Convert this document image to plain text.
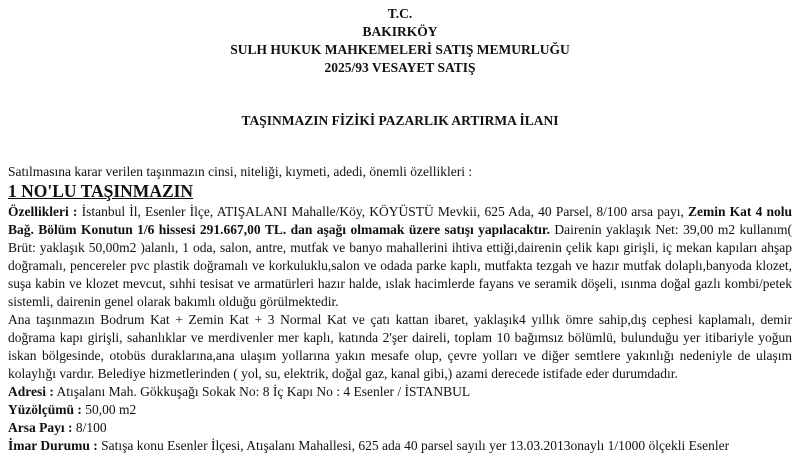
T.C.

BAKIRKÖY

SULH HUKUK MAHKEMELERİ SATIŞ MEMURLUĞU

2025/93 VESAYET SATIŞ

TAŞINMAZIN FİZİKİ PAZARLIK ARTIRMA İLANI

Satılmasına karar verilen taşınmazın cinsi, niteliği, kıymeti, adedi, önemli özellikleri :

1 NO'LU TAŞINMAZIN

Özellikleri : İstanbul İl, Esenler İlçe, ATIŞALANI Mahalle/Köy, KÖYÜSTÜ Mevkii, 625 Ada, 40 Parsel, 8/100 arsa payı, Zemin Kat 4 nolu Bağ. Bölüm Konutun 1/6 hissesi 291.667,00 TL. dan aşağı olmamak üzere satışı yapılacaktır. Dairenin yaklaşık Net: 39,00 m2 kullanım( Brüt: yaklaşık 50,00m2 )alanlı, 1 oda, salon, antre, mutfak ve banyo mahallerini ihtiva ettiği,dairenin çelik kapı girişli, iç mekan kapıları ahşap doğramalı, pencereler pvc plastik doğramalı ve korkuluklu,salon ve odada parke kaplı, mutfakta tezgah ve hazır mutfak dolaplı,banyoda klozet, suşa kabin ve klozet mevcut, sıhhi tesisat ve armatürleri hazır halde, ıslak hacimlerde fayans ve seramik döşeli, ısınma doğal gazlı kombi/petek sistemli, dairenin genel olarak bakımlı olduğu görülmektedir.

Ana taşınmazın Bodrum Kat + Zemin Kat + 3 Normal Kat ve çatı kattan ibaret, yaklaşık4 yıllık ömre sahip,dış cephesi kaplamalı, demir doğrama kapı girişli, sahanlıklar ve merdivenler mer kaplı, katında 2'şer daireli, toplam 10 bağımsız bölümlü, bulunduğu yer itibariyle yoğun iskan bölgesinde, otobüs duraklarına,ana ulaşım yollarına yakın mesafe olup, çevre yolları ve diğer semtlere yakınlığı nedeniyle de ulaşım kolaylığı vardır. Belediye hizmetlerinden ( yol, su, elektrik, doğal gaz, kanal gibi,) azami derecede istifade eder durumdadır.

Adresi : Atışalanı Mah. Gökkuşağı Sokak No: 8 İç Kapı No : 4 Esenler / İSTANBUL

Yüzölçümü : 50,00 m2

Arsa Payı : 8/100

İmar Durumu : Satışa konu Esenler İlçesi, Atışalanı Mahallesi, 625 ada 40 parsel sayılı yer 13.03.2013onaylı 1/1000 ölçekli Esenler
